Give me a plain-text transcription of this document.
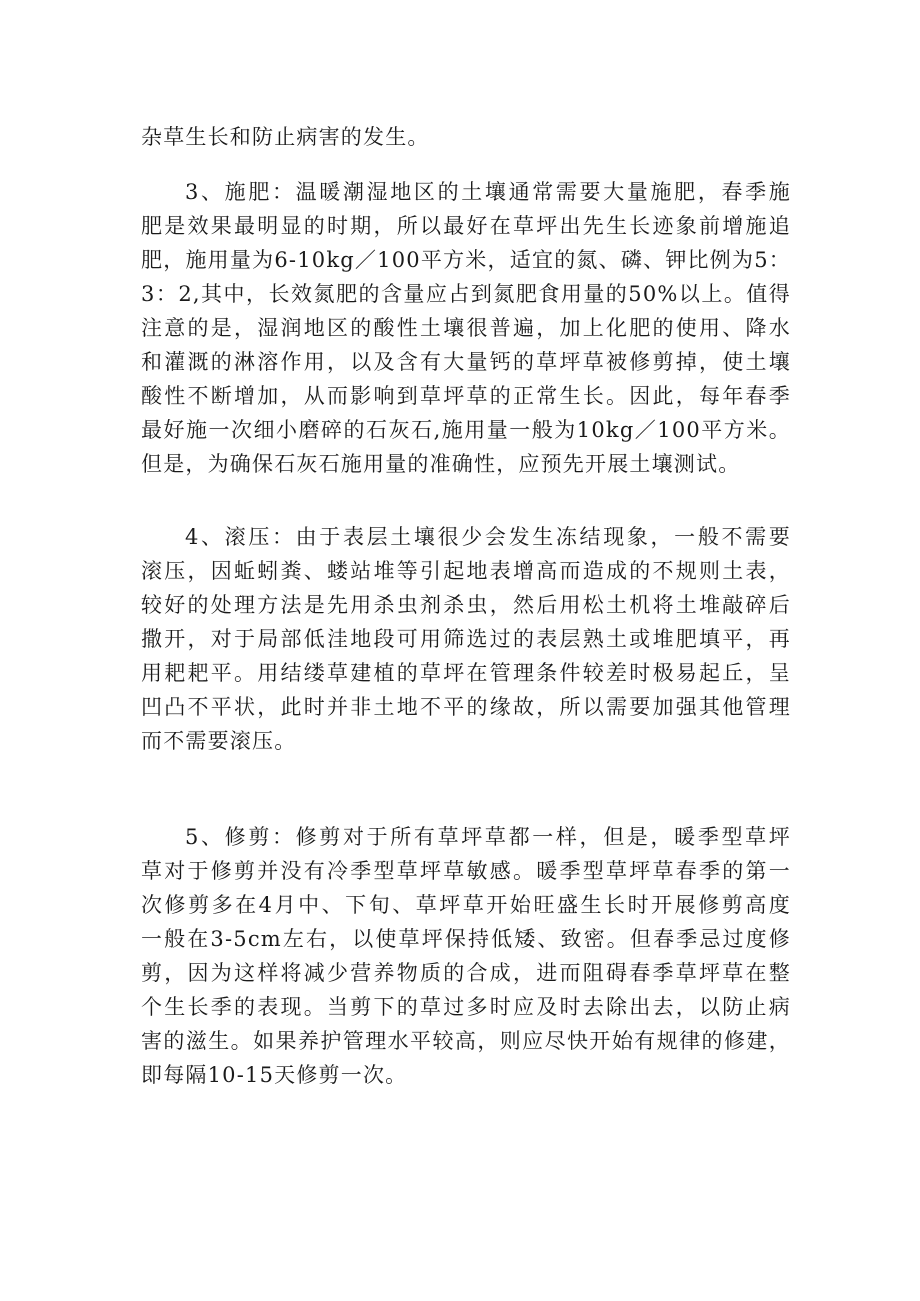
杂草生长和防止病害的发生。
3、施肥：温暖潮湿地区的土壤通常需要大量施肥，春季施
肥是效果最明显的时期，所以最好在草坪出先生长迹象前增施追
肥，施用量为6-10kg／100平方米，适宜的氮、磷、钾比例为5：
3：2,其中，长效氮肥的含量应占到氮肥食用量的50%以上。值得
注意的是，湿润地区的酸性土壤很普遍，加上化肥的使用、降水
和灌溉的淋溶作用，以及含有大量钙的草坪草被修剪掉，使土壤
酸性不断增加，从而影响到草坪草的正常生长。因此，每年春季
最好施一次细小磨碎的石灰石,施用量一般为10kg／100平方米。
但是，为确保石灰石施用量的准确性，应预先开展土壤测试。
4、滚压：由于表层土壤很少会发生冻结现象，一般不需要
滚压，因蚯蚓粪、蝼站堆等引起地表增高而造成的不规则土表，
较好的处理方法是先用杀虫剂杀虫，然后用松土机将土堆敲碎后
撒开，对于局部低洼地段可用筛选过的表层熟土或堆肥填平，再
用耙耙平。用结缕草建植的草坪在管理条件较差时极易起丘，呈
凹凸不平状，此时并非土地不平的缘故，所以需要加强其他管理
而不需要滚压。
5、修剪：修剪对于所有草坪草都一样，但是，暖季型草坪
草对于修剪并没有冷季型草坪草敏感。暖季型草坪草春季的第一
次修剪多在4月中、下旬、草坪草开始旺盛生长时开展修剪高度
一般在3-5cm左右，以使草坪保持低矮、致密。但春季忌过度修
剪，因为这样将减少营养物质的合成，进而阻碍春季草坪草在整
个生长季的表现。当剪下的草过多时应及时去除出去，以防止病
害的滋生。如果养护管理水平较高，则应尽快开始有规律的修建，
即每隔10-15天修剪一次。
